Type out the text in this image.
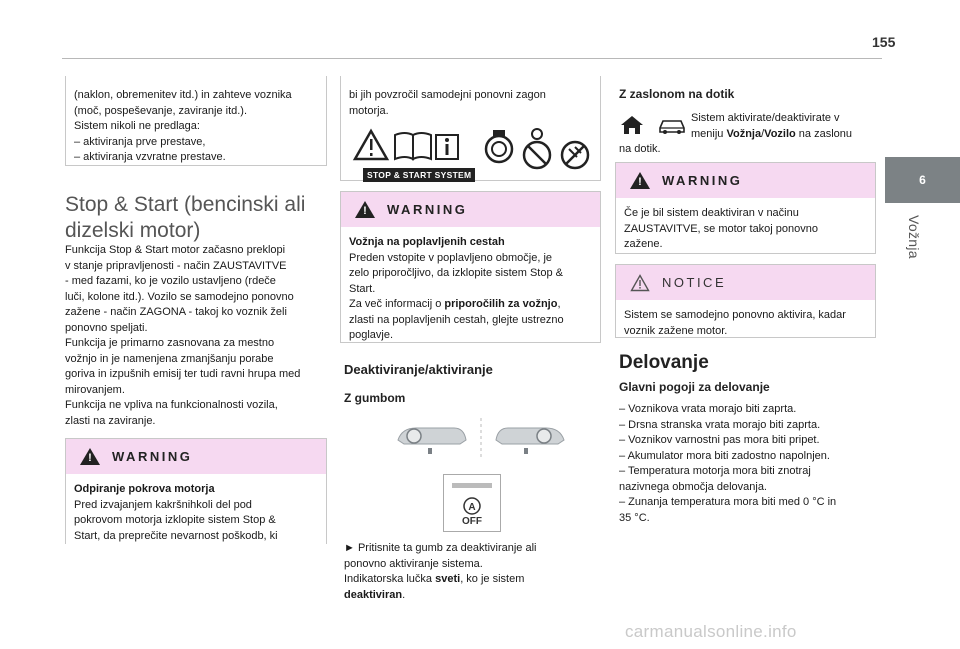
155
6
Vožnja
(naklon, obremenitev itd.) in zahteve voznika
(moč, pospeševanje, zaviranje itd.).
Sistem nikoli ne predlaga:
– aktiviranja prve prestave,
– aktiviranja vzvratne prestave.
Stop & Start (bencinski ali
dizelski motor)
Funkcija Stop & Start motor začasno preklopi
v stanje pripravljenosti - način ZAUSTAVITVE
- med fazami, ko je vozilo ustavljeno (rdeče
luči, kolone itd.). Vozilo se samodejno ponovno
zažene - način ZAGONA - takoj ko voznik želi
ponovno speljati.
Funkcija je primarno zasnovana za mestno
vožnjo in je namenjena zmanjšanju porabe
goriva in izpušnih emisij ter tudi ravni hrupa med
mirovanjem.
Funkcija ne vpliva na funkcionalnosti vozila,
zlasti na zaviranje.
!	WARNING
Odpiranje pokrova motorja
Pred izvajanjem kakršnihkoli del pod
pokrovom motorja izklopite sistem Stop &
Start, da preprečite nevarnost poškodb, ki
bi jih povzročil samodejni ponovni zagon
motorja.
STOP & START SYSTEM
!	WARNING
Vožnja na poplavljenih cestah
Preden vstopite v poplavljeno območje, je
zelo priporočljivo, da izklopite sistem Stop &
Start.
Za več informacij o priporočilih za vožnjo,
zlasti na poplavljenih cestah, glejte ustrezno
poglavje.
Deaktiviranje/aktiviranje
Z gumbom
A
OFF
► Pritisnite ta gumb za deaktiviranje ali
ponovno aktiviranje sistema.
Indikatorska lučka sveti, ko je sistem
deaktiviran.
Z zaslonom na dotik
Sistem aktivirate/deaktivirate v
meniju Vožnja/Vozilo na zaslonu
na dotik.
!	WARNING
Če je bil sistem deaktiviran v načinu
ZAUSTAVITVE, se motor takoj ponovno
zažene.
NOTICE
Sistem se samodejno ponovno aktivira, kadar
voznik zažene motor.
Delovanje
Glavni pogoji za delovanje
– Voznikova vrata morajo biti zaprta.
– Drsna stranska vrata morajo biti zaprta.
– Voznikov varnostni pas mora biti pripet.
– Akumulator mora biti zadostno napolnjen.
– Temperatura motorja mora biti znotraj
nazivnega območja delovanja.
– Zunanja temperatura mora biti med 0 °C in
35 °C.
carmanualsonline.info
